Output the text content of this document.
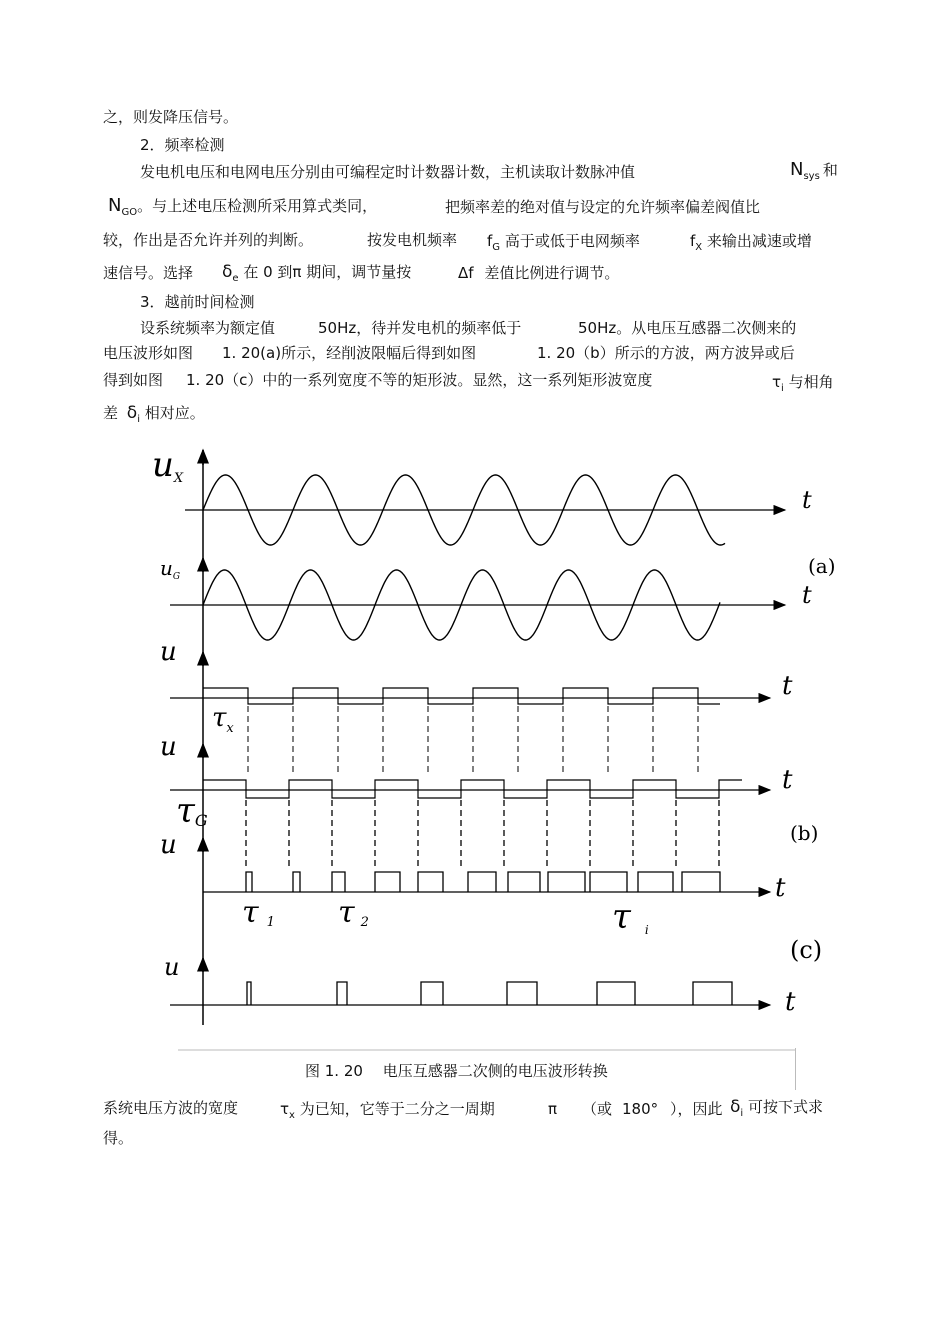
之，则发降压信号。
2．频率检测
发电机电压和电网电压分别由可编程定时计数器计数，主机读取计数脉冲值	$N_{sys}$ 和
$N_{GO}$。与上述电压检测所采用算式类同，	把频率差的绝对值与设定的允许频率偏差阀值比
较，作出是否允许并列的判断。	按发电机频率 $f_G$ 高于或低于电网频率	$f_X$ 来输出减速或增
速信号。选择 $\delta_e$ 在 0 到π 期间，调节量按	Δf 差值比例进行调节。
3．越前时间检测
设系统频率为额定值	50Hz，待并发电机的频率低于	50Hz。从电压互感器二次侧来的
电压波形如图 1. 20(a)所示，经削波限幅后得到如图	1. 20（b）所示的方波，两方波异或后
得到如图 1. 20（c）中的一系列宽度不等的矩形波。显然，这一系列矩形波宽度	$\tau_i$ 与相角
差 $\delta_i$ 相对应。
uX
t
$u_G$
t
(a)
u
t
$\tau_x$
u
t
τG
(b)
u
t
τ 1 τ 2	τ i
(c)
u
t
图 1. 20　 电压互感器二次侧的电压波形转换
系统电压方波的宽度	$\tau_x$ 为已知，它等于二分之一周期	π （或 180° ），因此 $\delta_i$ 可按下式求
得。
